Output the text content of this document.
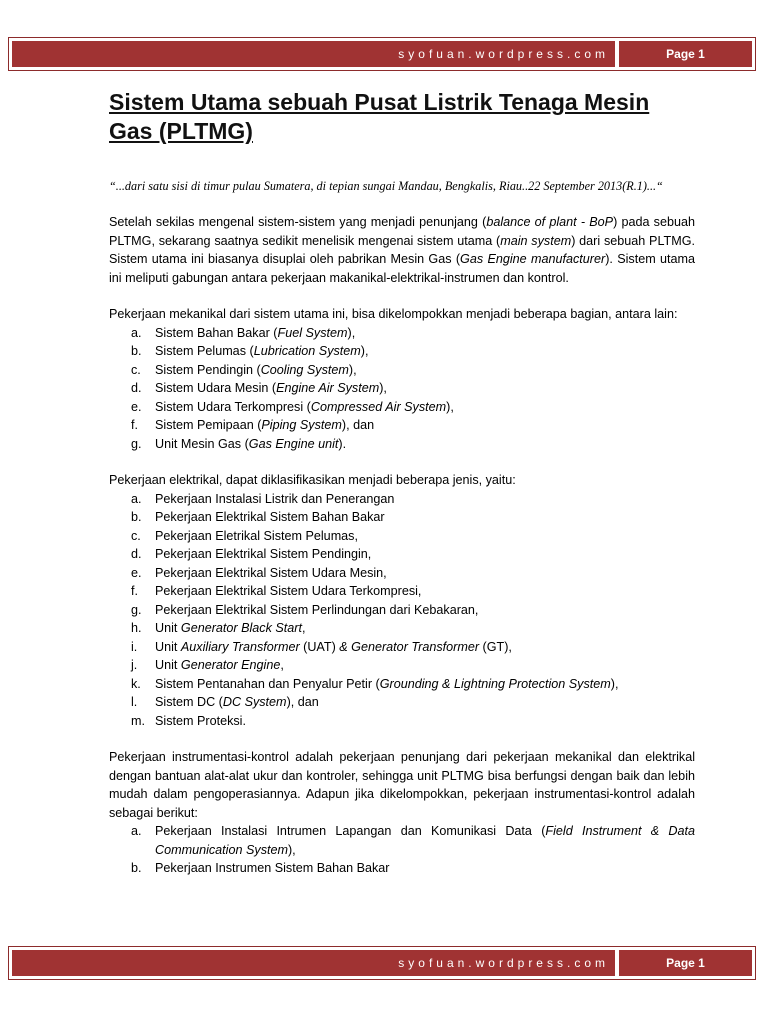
syofuan.wordpress.com	Page 1
Sistem Utama sebuah Pusat Listrik Tenaga Mesin Gas (PLTMG)

“...dari satu sisi di timur pulau Sumatera, di tepian sungai Mandau, Bengkalis, Riau..22 September 2013(R.1)...“

Setelah sekilas mengenal sistem-sistem yang menjadi penunjang (balance of plant - BoP) pada sebuah PLTMG, sekarang saatnya sedikit menelisik mengenai sistem utama (main system) dari sebuah PLTMG. Sistem utama ini biasanya disuplai oleh pabrikan Mesin Gas (Gas Engine manufacturer). Sistem utama ini meliputi gabungan antara pekerjaan makanikal-elektrikal-instrumen dan kontrol.

Pekerjaan mekanikal dari sistem utama ini, bisa dikelompokkan menjadi beberapa bagian, antara lain:

a. Sistem Bahan Bakar (Fuel System),
b. Sistem Pelumas (Lubrication System),
c. Sistem Pendingin (Cooling System),
d. Sistem Udara Mesin (Engine Air System),
e. Sistem Udara Terkompresi (Compressed Air System),
f. Sistem Pemipaan (Piping System), dan
g. Unit Mesin Gas (Gas Engine unit).

Pekerjaan elektrikal, dapat diklasifikasikan menjadi beberapa jenis, yaitu:

a. Pekerjaan Instalasi Listrik dan Penerangan
b. Pekerjaan Elektrikal Sistem Bahan Bakar
c. Pekerjaan Eletrikal Sistem Pelumas,
d. Pekerjaan Elektrikal Sistem Pendingin,
e. Pekerjaan Elektrikal Sistem Udara Mesin,
f. Pekerjaan Elektrikal Sistem Udara Terkompresi,
g. Pekerjaan Elektrikal Sistem Perlindungan dari Kebakaran,
h. Unit Generator Black Start,
i. Unit Auxiliary Transformer (UAT) & Generator Transformer (GT),
j. Unit Generator Engine,
k. Sistem Pentanahan dan Penyalur Petir (Grounding & Lightning Protection System),
l. Sistem DC (DC System), dan
m. Sistem Proteksi.

Pekerjaan instrumentasi-kontrol adalah pekerjaan penunjang dari pekerjaan mekanikal dan elektrikal dengan bantuan alat-alat ukur dan kontroler, sehingga unit PLTMG bisa berfungsi dengan baik dan lebih mudah dalam pengoperasiannya. Adapun jika dikelompokkan, pekerjaan instrumentasi-kontrol adalah sebagai berikut:

a. Pekerjaan Instalasi Intrumen Lapangan dan Komunikasi Data (Field Instrument & Data Communication System),
b. Pekerjaan Instrumen Sistem Bahan Bakar
syofuan.wordpress.com	Page 1
